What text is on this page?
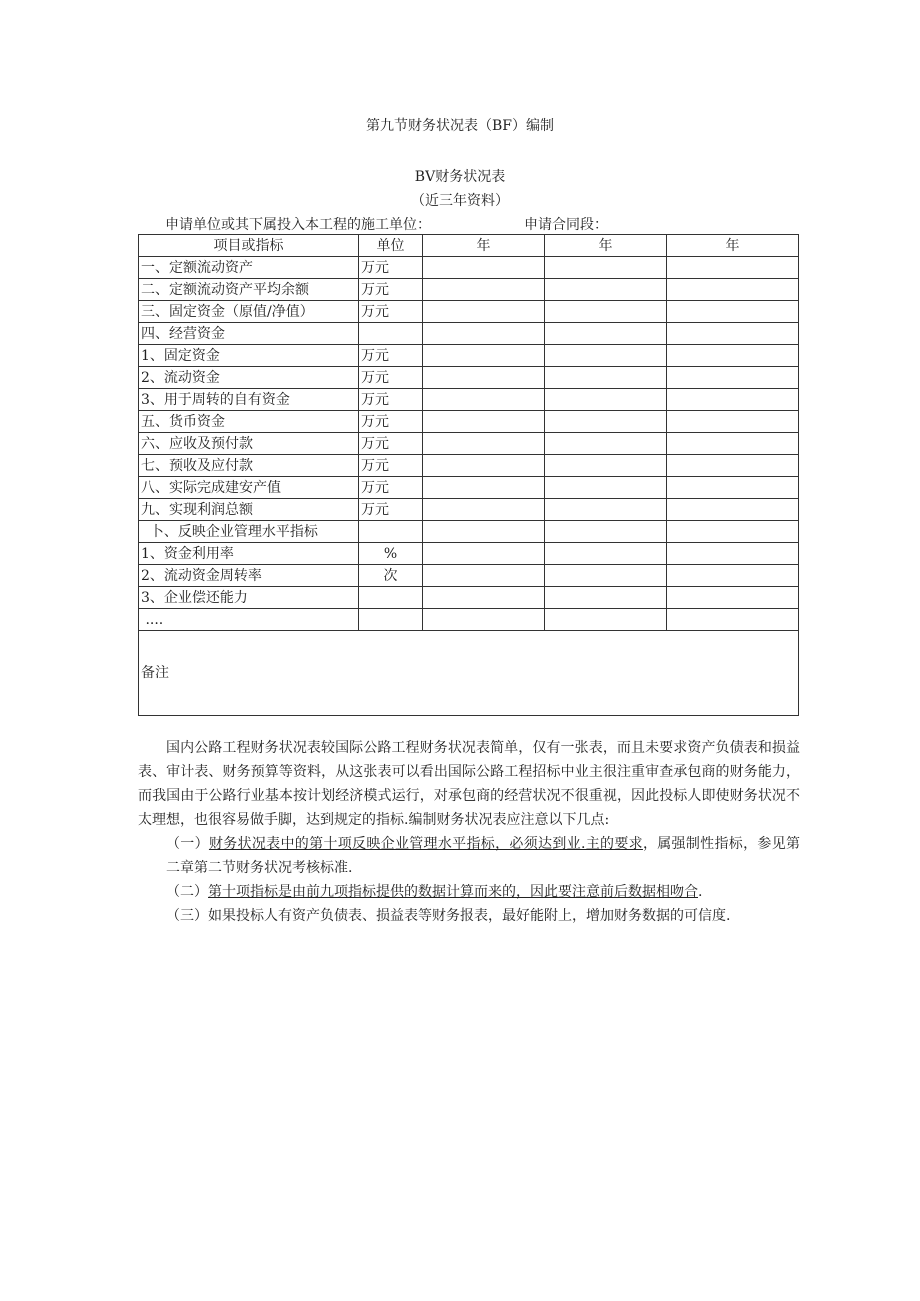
第九节财务状况表（BF）编制
BV财务状况表
（近三年资料）
申请单位或其下属投入本工程的施工单位：	申请合同段：
项目或指标	单位	年	年	年
一、定额流动资产	万元			
二、定额流动资产平均余额	万元			
三、固定资金（原值/净值）	万元			
四、经营资金				
1、固定资金	万元			
2、流动资金	万元			
3、用于周转的自有资金	万元			
五、货币资金	万元			
六、应收及预付款	万元			
七、预收及应付款	万元			
八、实际完成建安产值	万元			
九、实现利润总额	万元			
卜、反映企业管理水平指标				
1、资金利用率	%			
2、流动资金周转率	次			
3、企业偿还能力				
....				
备注				

国内公路工程财务状况表较国际公路工程财务状况表简单，仅有一张表，而且未要求资产负债表和损益表、审计表、财务预算等资料，从这张表可以看出国际公路工程招标中业主很注重审查承包商的财务能力，而我国由于公路行业基本按计划经济模式运行，对承包商的经营状况不很重视，因此投标人即使财务状况不太理想，也很容易做手脚，达到规定的指标.编制财务状况表应注意以下几点:

（一）财务状况表中的第十项反映企业管理水平指标，必须达到业.主的要求，属强制性指标，参见第二章第二节财务状况考核标准.

（二）第十项指标是由前九项指标提供的数据计算而来的，因此要注意前后数据相吻合.

（三）如果投标人有资产负债表、损益表等财务报表，最好能附上，增加财务数据的可信度.
